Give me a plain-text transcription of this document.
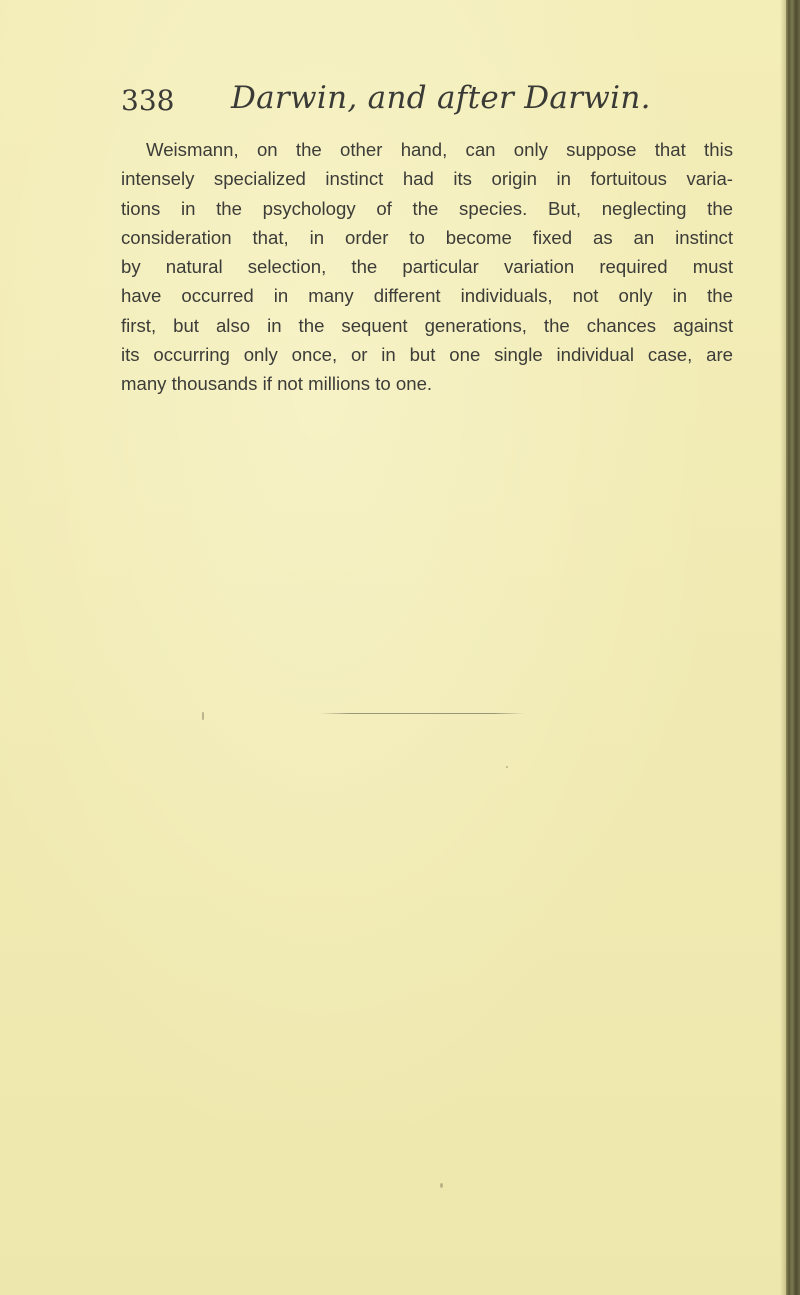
338 Darwin, and after Darwin.
Weismann, on the other hand, can only suppose that this
intensely specialized instinct had its origin in fortuitous varia-
tions in the psychology of the species. But, neglecting the
consideration that, in order to become fixed as an instinct
by natural selection, the particular variation required must
have occurred in many different individuals, not only in the
first, but also in the sequent generations, the chances against
its occurring only once, or in but one single individual case, are
many thousands if not millions to one.
